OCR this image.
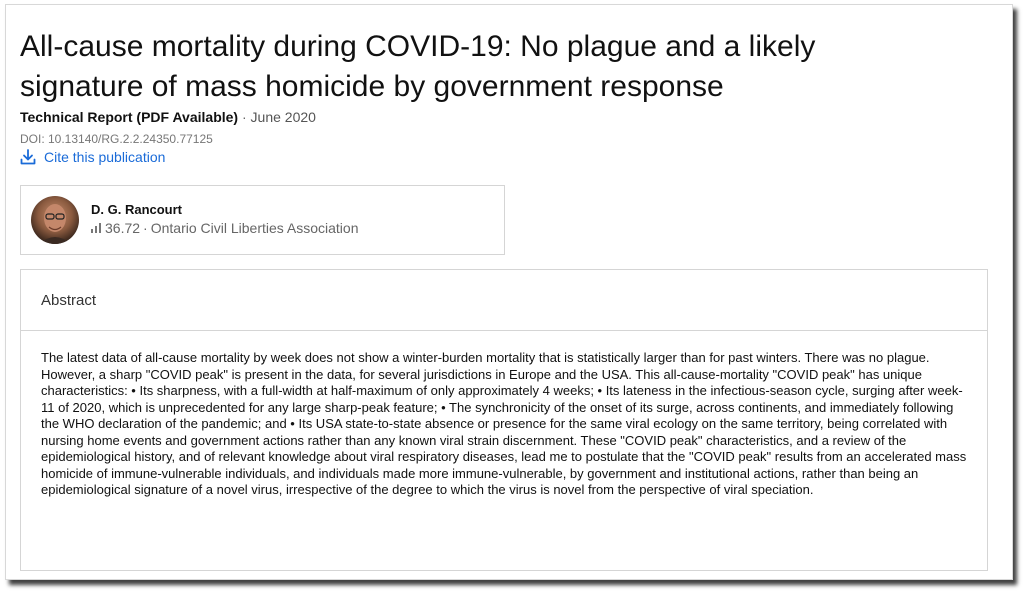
All-cause mortality during COVID-19: No plague and a likely signature of mass homicide by government response
Technical Report (PDF Available) · June 2020
DOI: 10.13140/RG.2.2.24350.77125
Cite this publication
D. G. Rancourt
36.72 · Ontario Civil Liberties Association
Abstract
The latest data of all-cause mortality by week does not show a winter-burden mortality that is statistically larger than for past winters. There was no plague. However, a sharp "COVID peak" is present in the data, for several jurisdictions in Europe and the USA. This all-cause-mortality "COVID peak" has unique characteristics: • Its sharpness, with a full-width at half-maximum of only approximately 4 weeks; • Its lateness in the infectious-season cycle, surging after week-11 of 2020, which is unprecedented for any large sharp-peak feature; • The synchronicity of the onset of its surge, across continents, and immediately following the WHO declaration of the pandemic; and • Its USA state-to-state absence or presence for the same viral ecology on the same territory, being correlated with nursing home events and government actions rather than any known viral strain discernment. These "COVID peak" characteristics, and a review of the epidemiological history, and of relevant knowledge about viral respiratory diseases, lead me to postulate that the "COVID peak" results from an accelerated mass homicide of immune-vulnerable individuals, and individuals made more immune-vulnerable, by government and institutional actions, rather than being an epidemiological signature of a novel virus, irrespective of the degree to which the virus is novel from the perspective of viral speciation.
